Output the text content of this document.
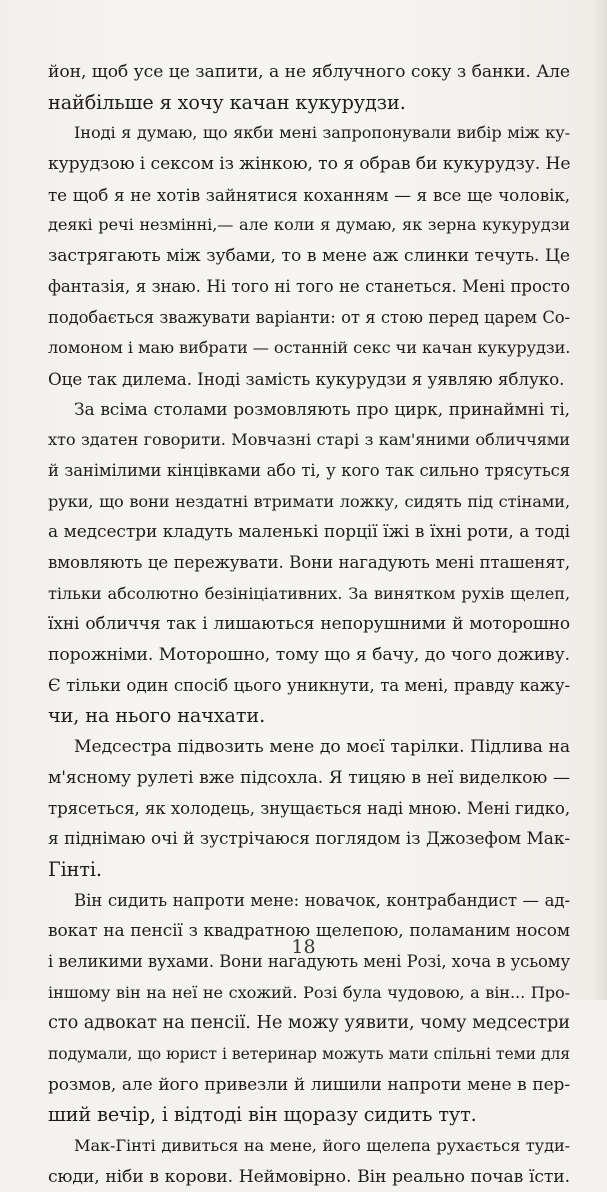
йон, щоб усе це запити, а не яблучного соку з банки. Але
найбільше я хочу качан кукурудзи.
Іноді я думаю, що якби мені запропонували вибір між ку-
курудзою і сексом із жінкою, то я обрав би кукурудзу. Не
те щоб я не хотів зайнятися коханням — я все ще чоловік,
деякі речі незмінні,— але коли я думаю, як зерна кукурудзи
застрягають між зубами, то в мене аж слинки течуть. Це
фантазія, я знаю. Ні того ні того не станеться. Мені просто
подобається зважувати варіанти: от я стою перед царем Со-
ломоном і маю вибрати — останній секс чи качан кукурудзи.
Оце так дилема. Іноді замість кукурудзи я уявляю яблуко.
За всіма столами розмовляють про цирк, принаймні ті,
хто здатен говорити. Мовчазні старі з кам'яними обличчями
й занімілими кінцівками або ті, у кого так сильно трясуться
руки, що вони нездатні втримати ложку, сидять під стінами,
а медсестри кладуть маленькі порції їжі в їхні роти, а тоді
вмовляють це пережувати. Вони нагадують мені пташенят,
тільки абсолютно безініціативних. За винятком рухів щелеп,
їхні обличчя так і лишаються непорушними й моторошно
порожніми. Моторошно, тому що я бачу, до чого доживу.
Є тільки один спосіб цього уникнути, та мені, правду кажу-
чи, на нього начхати.
Медсестра підвозить мене до моєї тарілки. Підлива на
м'ясному рулеті вже підсохла. Я тицяю в неї виделкою —
трясеться, як холодець, знущається наді мною. Мені гидко,
я піднімаю очі й зустрічаюся поглядом із Джозефом Мак-
Гінті.
Він сидить напроти мене: новачок, контрабандист — ад-
вокат на пенсії з квадратною щелепою, поламаним носом
і великими вухами. Вони нагадують мені Розі, хоча в усьому
іншому він на неї не схожий. Розі була чудовою, а він... Про-
сто адвокат на пенсії. Не можу уявити, чому медсестри
подумали, що юрист і ветеринар можуть мати спільні теми для
розмов, але його привезли й лишили напроти мене в пер-
ший вечір, і відтоді він щоразу сидить тут.
Мак-Гінті дивиться на мене, його щелепа рухається туди-
сюди, ніби в корови. Неймовірно. Він реально почав їсти.
18
